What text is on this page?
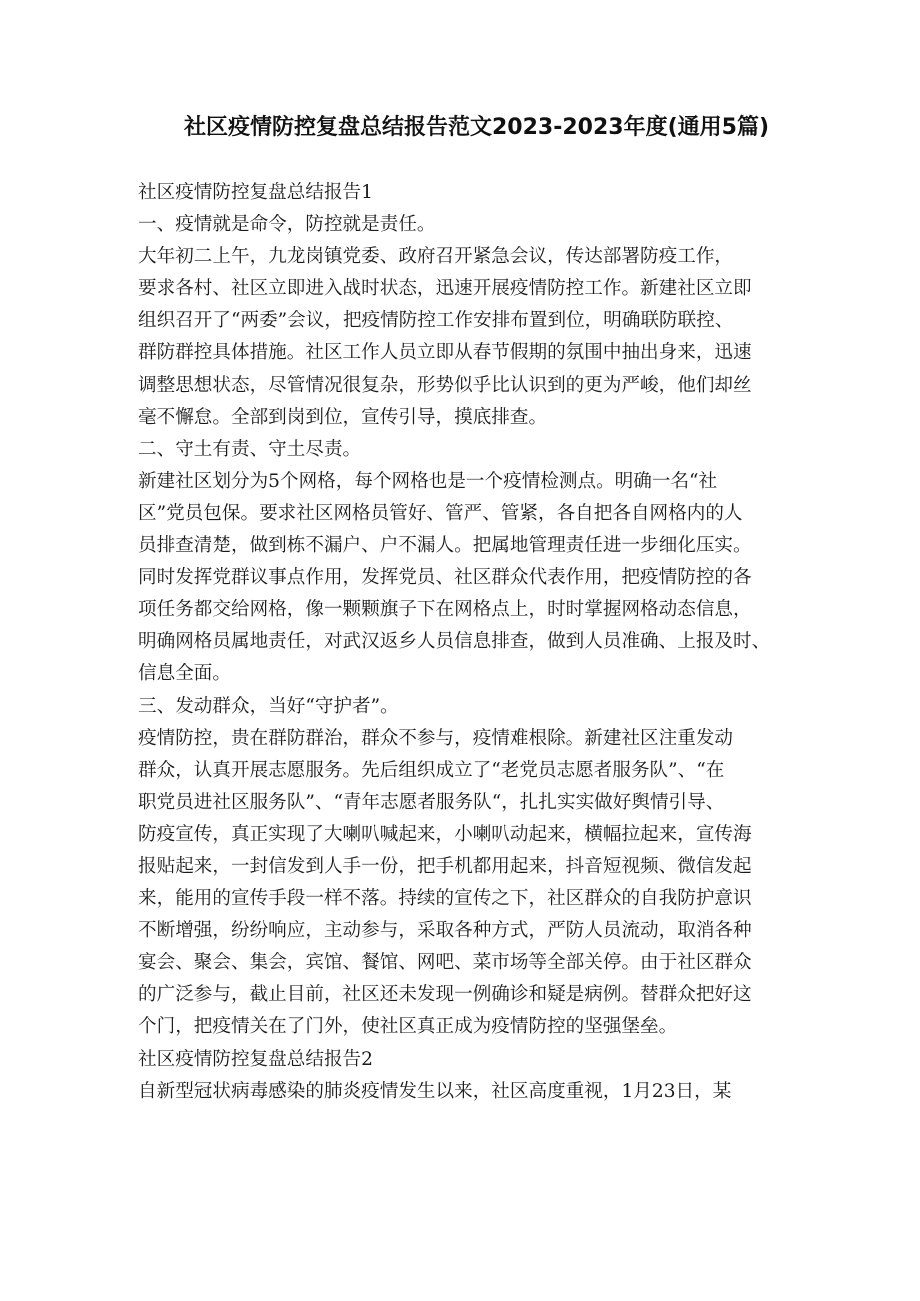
社区疫情防控复盘总结报告范文2023-2023年度(通用5篇)
社区疫情防控复盘总结报告1
一、疫情就是命令，防控就是责任。
大年初二上午，九龙岗镇党委、政府召开紧急会议，传达部署防疫工作，
要求各村、社区立即进入战时状态，迅速开展疫情防控工作。新建社区立即
组织召开了“两委”会议，把疫情防控工作安排布置到位，明确联防联控、
群防群控具体措施。社区工作人员立即从春节假期的氛围中抽出身来，迅速
调整思想状态，尽管情况很复杂，形势似乎比认识到的更为严峻，他们却丝
毫不懈怠。全部到岗到位，宣传引导，摸底排查。
二、守土有责、守土尽责。
新建社区划分为5个网格，每个网格也是一个疫情检测点。明确一名“社
区”党员包保。要求社区网格员管好、管严、管紧，各自把各自网格内的人
员排查清楚，做到栋不漏户、户不漏人。把属地管理责任进一步细化压实。
同时发挥党群议事点作用，发挥党员、社区群众代表作用，把疫情防控的各
项任务都交给网格，像一颗颗旗子下在网格点上，时时掌握网格动态信息，
明确网格员属地责任，对武汉返乡人员信息排查，做到人员准确、上报及时、
信息全面。
三、发动群众，当好“守护者”。
疫情防控，贵在群防群治，群众不参与，疫情难根除。新建社区注重发动
群众，认真开展志愿服务。先后组织成立了“老党员志愿者服务队”、“在
职党员进社区服务队”、“青年志愿者服务队“，扎扎实实做好舆情引导、
防疫宣传，真正实现了大喇叭喊起来，小喇叭动起来，横幅拉起来，宣传海
报贴起来，一封信发到人手一份，把手机都用起来，抖音短视频、微信发起
来，能用的宣传手段一样不落。持续的宣传之下，社区群众的自我防护意识
不断增强，纷纷响应，主动参与，采取各种方式，严防人员流动，取消各种
宴会、聚会、集会，宾馆、餐馆、网吧、菜市场等全部关停。由于社区群众
的广泛参与，截止目前，社区还未发现一例确诊和疑是病例。替群众把好这
个门，把疫情关在了门外，使社区真正成为疫情防控的坚强堡垒。
社区疫情防控复盘总结报告2
自新型冠状病毒感染的肺炎疫情发生以来，社区高度重视，1月23日，某
